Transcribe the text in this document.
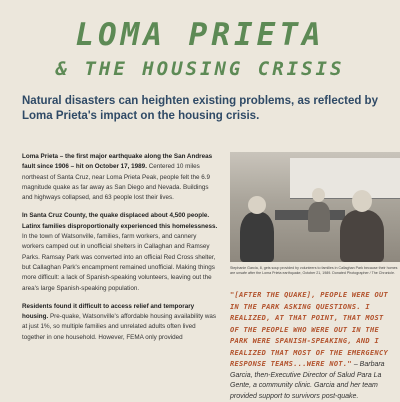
LOMA PRIETA
& THE HOUSING CRISIS
Natural disasters can heighten existing problems, as reflected by Loma Prieta's impact on the housing crisis.

Loma Prieta – the first major earthquake along the San Andreas fault since 1906 – hit on October 17, 1989. Centered 10 miles northeast of Santa Cruz, near Loma Prieta Peak, people felt the 6.9 magnitude quake as far away as San Diego and Nevada. Buildings and highways collapsed, and 63 people lost their lives.

In Santa Cruz County, the quake displaced about 4,500 people. Latinx families disproportionally experienced this homelessness. In the town of Watsonville, families, farm workers, and cannery workers camped out in unofficial shelters in Callaghan and Ramsey Parks. Ramsay Park was converted into an official Red Cross shelter, but Callaghan Park's encampment remained unofficial. Making things more difficult: a lack of Spanish-speaking volunteers, leaving out the area's large Spanish-speaking population.

Residents found it difficult to access relief and temporary housing. Pre-quake, Watsonville's affordable housing availability was at just 1%, so multiple families and unrelated adults often lived together in one household. However, FEMA only provided

Stephanie Garcia, 8, gets soup provided by volunteers to families in Callaghan Park because their homes are unsafe after the Loma Prieta earthquake, October 21, 1989. Donated Photographer / The Chronicle.
"[AFTER THE QUAKE], PEOPLE WERE OUT IN THE PARK ASKING QUESTIONS. I REALIZED, AT THAT POINT, THAT MOST OF THE PEOPLE WHO WERE OUT IN THE PARK WERE SPANISH-SPEAKING, AND I REALIZED THAT MOST OF THE EMERGENCY RESPONSE TEAMS...WERE NOT." – Barbara Garcia, then-Executive Director of Salud Para La Gente, a community clinic. Garcia and her team provided support to survivors post-quake.
